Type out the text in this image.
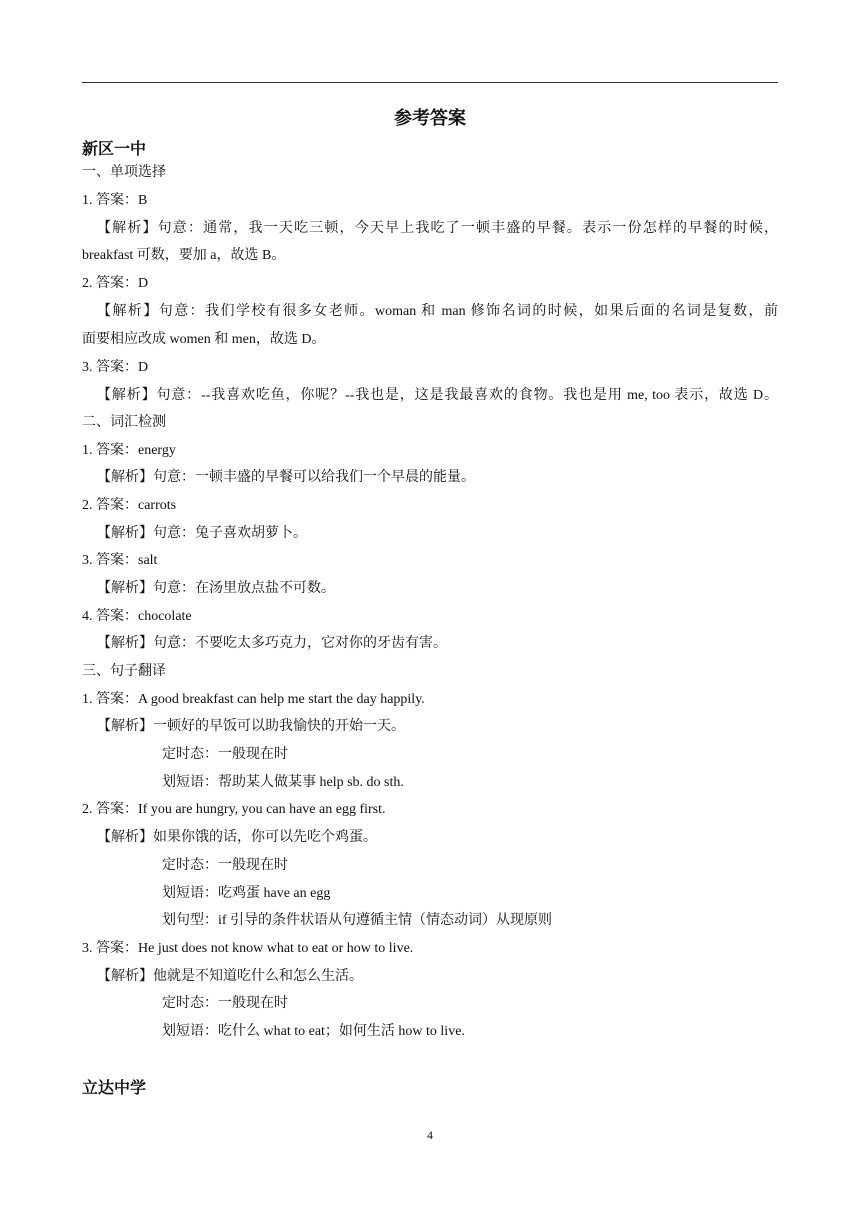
参考答案
新区一中
一、单项选择
1. 答案：B
【解析】句意：通常，我一天吃三顿，今天早上我吃了一顿丰盛的早餐。表示一份怎样的早餐的时候，
breakfast 可数，要加 a，故选 B。
2. 答案：D
【解析】句意：我们学校有很多女老师。woman 和 man 修饰名词的时候，如果后面的名词是复数，前
面要相应改成 women 和 men，故选 D。
3. 答案：D
【解析】句意：--我喜欢吃鱼，你呢？--我也是，这是我最喜欢的食物。我也是用 me, too 表示，故选 D。
二、词汇检测
1. 答案：energy
【解析】句意：一顿丰盛的早餐可以给我们一个早晨的能量。
2. 答案：carrots
【解析】句意：兔子喜欢胡萝卜。
3. 答案：salt
【解析】句意：在汤里放点盐不可数。
4. 答案：chocolate
【解析】句意：不要吃太多巧克力，它对你的牙齿有害。
三、句子翻译
1. 答案：A good breakfast can help me start the day happily.
【解析】一顿好的早饭可以助我愉快的开始一天。
定时态：一般现在时
划短语：帮助某人做某事 help sb. do sth.
2. 答案：If you are hungry, you can have an egg first.
【解析】如果你饿的话，你可以先吃个鸡蛋。
定时态：一般现在时
划短语：吃鸡蛋 have an egg
划句型：if 引导的条件状语从句遵循主情（情态动词）从现原则
3. 答案：He just does not know what to eat or how to live.
【解析】他就是不知道吃什么和怎么生活。
定时态：一般现在时
划短语：吃什么 what to eat；如何生活 how to live.
立达中学
4
